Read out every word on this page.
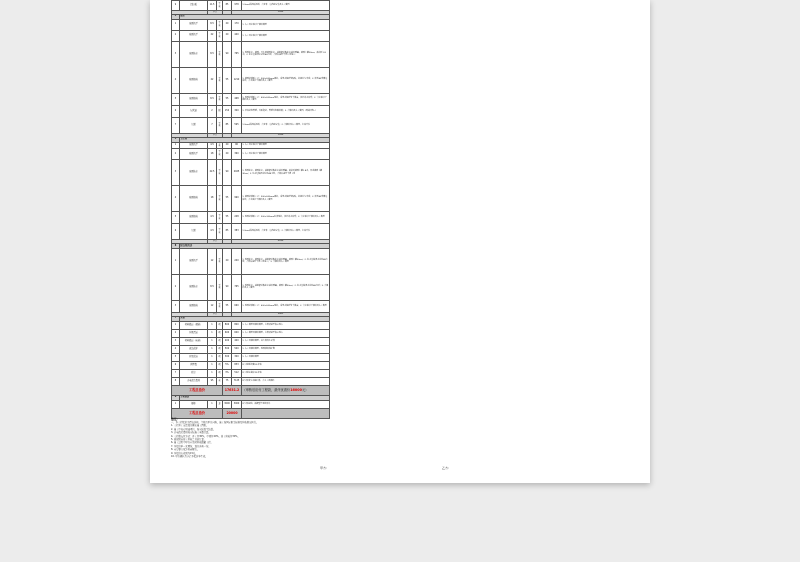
9	铝扣板	11.5	平米	85	978	1.3mm铝扣板吊顶，含龙骨、边角线安装及人工费用
		小计			3640	
4	厨房					
1	地面找平	8.5	平米	20	170	1. 人工及水泥沙子辅料费用
2	墙面找平	22	平米	20	440	1. 人工及水泥沙子辅料费用
3	地面防水	8.5	平米	90	765	1. 地面防水、墙面、卫生间墙面防水、涂刷聚氨酯防水涂料两遍，墙面上翻30cm，淋浴区1.8米；2. 防水层做闭水试验48小时，合格后进行下道工序施工
4	墙面贴砖	22	平米	55	1210	1. 墙面砖铺贴工艺：300×600mm墙砖，采用水泥砂浆粘贴，砖缝均匀平直；2. 阳角45度磨边拼接，含水泥沙子辅料及人工费用
5	地面贴砖	8.5	平米	55	468	1. 地面砖铺贴工艺：600×600mm地砖，采用水泥砂浆干铺法，找好排水坡度；2. 含水泥沙子辅料及人工费用
6	包管道	2	根	150	300	1. 轻体砖包管道，外贴瓷砖，管道外包隔音棉；2. 含辅料及人工费用，预留检修口
7	吊顶	7	平米	85	595	1.3mm铝扣板吊顶，含龙骨、边角线安装；2. 含辅料及人工费用，灯具开孔
		小计			3948	
5	卫生间					
1	地面找平	4.5	平米	20	90	1. 人工及水泥沙子辅料费用
2	墙面找平	18	平米	20	360	1. 人工及水泥沙子辅料费用
3	地面防水	22.5	平米	90	2025	1. 地面防水、墙面防水，涂刷聚氨酯防水涂料两遍，淋浴区墙面上翻1.8米，其余墙面上翻30cm；2. 防水层做闭水试验48小时，合格后进行下道工序
4	墙面贴砖	18	平米	55	990	1. 墙面砖铺贴工艺：300×600mm墙砖，采用水泥砂浆粘贴，砖缝均匀平直；2. 阳角45度磨边拼接，含水泥沙子辅料及人工费用
5	地面贴砖	4.5	平米	55	248	1. 地面砖铺贴工艺：300×300mm防滑地砖，找好排水坡度；2. 含水泥沙子辅料及人工费用
6	吊顶	4.5	平米	85	383	1.3mm铝扣板吊顶，含龙骨、边角线安装；2. 含辅料及人工费用，灯具开孔
		小计			4096	
6	阳台/阳光房					
1	地面找平	12	平米	20	240	1. 地面防水、墙面防水，涂刷聚氨酯防水涂料两遍，墙面上翻30cm；2. 防水层做闭水试验48小时，合格后进行下道工序施工；3. 含辅料及人工费用
2	地面防水	8.5	平米	90	765	1. 地面防水，涂刷聚氨酯防水涂料两遍，墙面上翻30cm；2. 防水层做闭水试验48小时；3. 含辅料及人工费用
3	地面贴砖	12	平米	55	660	1. 地面砖铺贴工艺：600×600mm地砖，采用水泥砂浆干铺法；2. 含水泥沙子辅料及人工费用
		小计			1665	
7	其他					
1	材料搬运（楼梯）	1	项	800	800	1. 人工费用及辅料费用，垃圾清运至指定地点
2	垃圾清运	1	项	600	600	1. 人工费用及辅料费用，垃圾清运至指定地点
3	材料搬运（电梯）	1	项	400	400	1. 人工及辅料费用，按实际发生结算
4	成品保护	1	项	500	500	1. 人工及辅料费用，地面铺设保护膜
5	开荒保洁	1	项	300	300	1. 人工及辅料费用
6	管理费	1	项	5%	853	按工程直接费5%计取
7	税金	1	项	3%	512	按工程总造价3%计取
8	水电改造费用	95	米	75	7125	按实际发生米数结算，含人工及辅料
工程总造价				17631.2		（审核后应付工程款，最终优惠价16000元）
8	主材预算					
1	橱柜	1	套	3000	3000	按实际选购，品牌型号另附清单
工程总造价				20000		
备注：
一、本工程报价为清包价格，主材由甲方自购，施工按国家相关标准及验收规范执行。
1. 工程开工前需双方确认施工图纸。
2. 施工中如有增减项目，按实际发生结算。
3. 水电改造费用按实际施工米数计算。
4. 工程款支付方式：开工付30%，中期付40%，竣工验收付30%。
5. 质保期自竣工验收之日起计算。
6. 施工过程中甲方应及时验收隐蔽工程。
7. 本报价单一式两份，双方各执一份。
8. 未尽事宜双方协商解决。
9. 本报价有效期为15天。
10. 甲方确认签字后本报价单生效。
甲方：	乙方：
